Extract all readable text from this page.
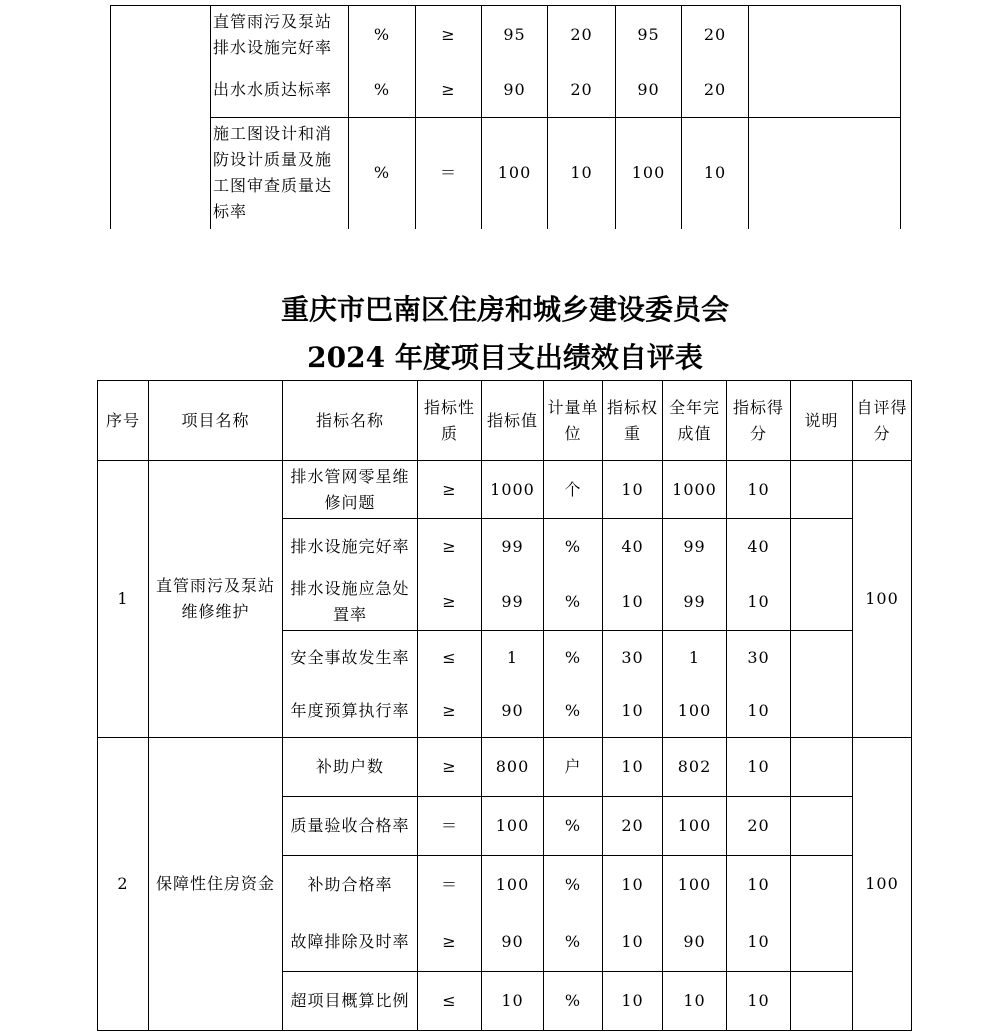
	直管雨污及泵站排水设施完好率	%	≥	95	20	95	20	
	出水水质达标率	%	≥	90	20	90	20	
	施工图设计和消防设计质量及施工图审查质量达标率	%	＝	100	10	100	10	
重庆市巴南区住房和城乡建设委员会
2024 年度项目支出绩效自评表
序号	项目名称	指标名称	指标性质	指标值	计量单位	指标权重	全年完成值	指标得分	说明	自评得分
1	直管雨污及泵站维修维护	排水管网零星维修问题	≥	1000	个	10	1000	10		100
		排水设施完好率	≥	99	%	40	99	40		
		排水设施应急处置率	≥	99	%	10	99	10		
		安全事故发生率	≤	1	%	30	1	30		
		年度预算执行率	≥	90	%	10	100	10		
2	保障性住房资金	补助户数	≥	800	户	10	802	10		100
		质量验收合格率	＝	100	%	20	100	20		
		补助合格率	＝	100	%	10	100	10		
		故障排除及时率	≥	90	%	10	90	10		
		超项目概算比例	≤	10	%	10	10	10		
